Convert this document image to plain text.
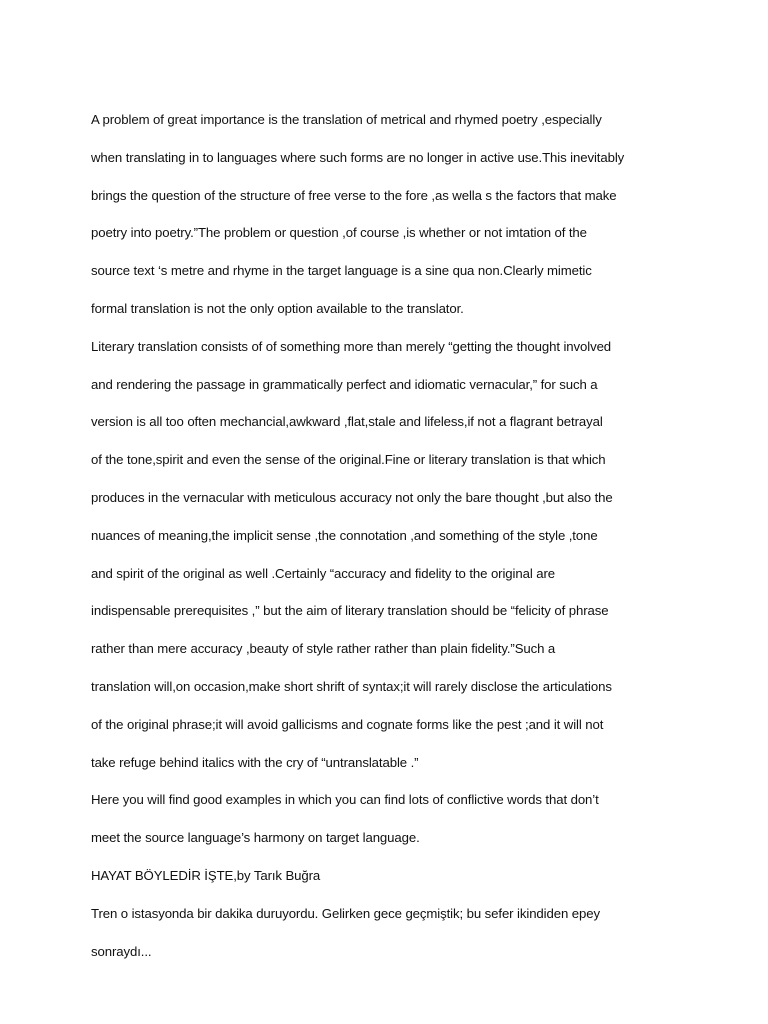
A problem of great importance is the translation of metrical and rhymed poetry ,especially
when translating in to languages where such forms are no longer in active use.This inevitably
brings the question of the structure of free verse to the fore ,as wella s the factors that make
poetry into poetry.”The problem or question ,of course ,is whether or not imtation of the
source text ‘s metre and rhyme in the target language is a sine qua non.Clearly mimetic
formal translation is not the only option available to the translator.
Literary translation consists of of something more than merely “getting the thought involved
and rendering the passage in grammatically perfect and idiomatic vernacular,” for such a
version is all too often mechancial,awkward ,flat,stale and lifeless,if not a flagrant betrayal
of the tone,spirit and even the sense of the original.Fine or literary translation is that which
produces in the vernacular with meticulous accuracy not only the bare thought ,but also the
nuances of meaning,the implicit sense ,the connotation ,and something of the style ,tone
and spirit of the original as well .Certainly “accuracy and fidelity to the original are
indispensable prerequisites ,” but the aim of literary translation should be “felicity of phrase
rather than mere accuracy ,beauty of style rather rather than plain fidelity.”Such a
translation will,on occasion,make short shrift of syntax;it will rarely disclose the articulations
of the original phrase;it will avoid gallicisms and cognate forms like the pest ;and it will not
take refuge behind italics with the cry of “untranslatable .”
Here you will find good examples in which you can find lots of conflictive words that don’t
meet the source language’s harmony on target language.
HAYAT BÖYLEDİR İŞTE,by Tarık Buğra
Tren o istasyonda bir dakika duruyordu. Gelirken gece geçmiştik; bu sefer ikindiden epey
sonraydı...
